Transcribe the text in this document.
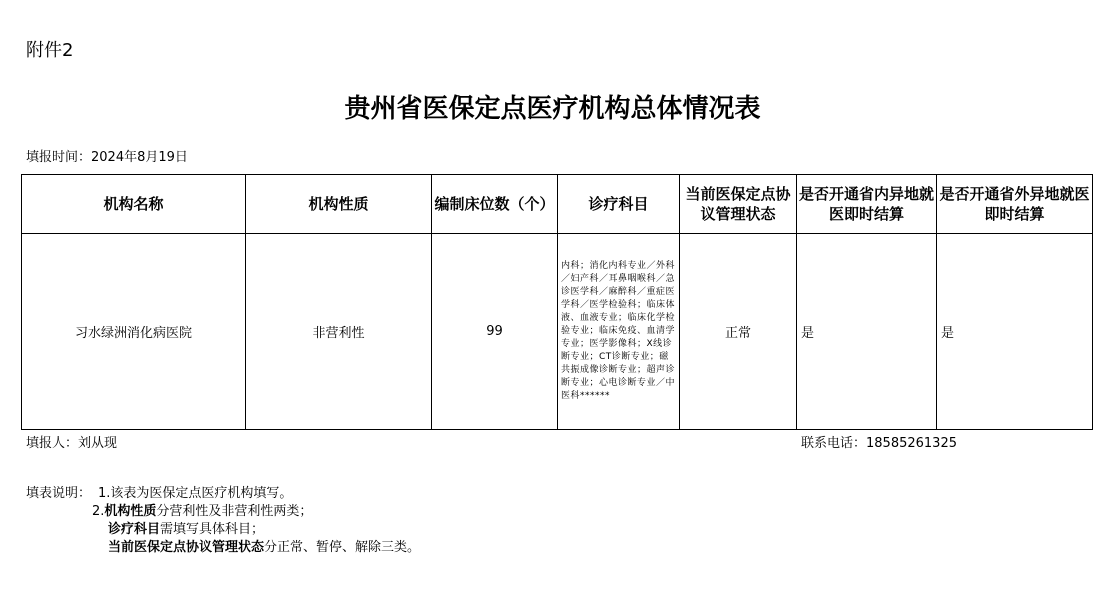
附件2
贵州省医保定点医疗机构总体情况表
填报时间：2024年8月19日
机构名称	机构性质	编制床位数（个）	诊疗科目	当前医保定点协议管理状态	是否开通省内异地就医即时结算	是否开通省外异地就医即时结算
习水绿洲消化病医院	非营利性	99	内科；消化内科专业／外科／妇产科／耳鼻咽喉科／急诊医学科／麻醉科／重症医学科／医学检验科；临床体液、血液专业；临床化学检验专业；临床免疫、血清学专业；医学影像科；X线诊断专业；CT诊断专业；磁共振成像诊断专业；超声诊断专业；心电诊断专业／中医科******	正常	是	是
填报人：刘从现	联系电话：18585261325
填表说明： 1.该表为医保定点医疗机构填写。
2.机构性质分营利性及非营利性两类；
诊疗科目需填写具体科目；
当前医保定点协议管理状态分正常、暂停、解除三类。
